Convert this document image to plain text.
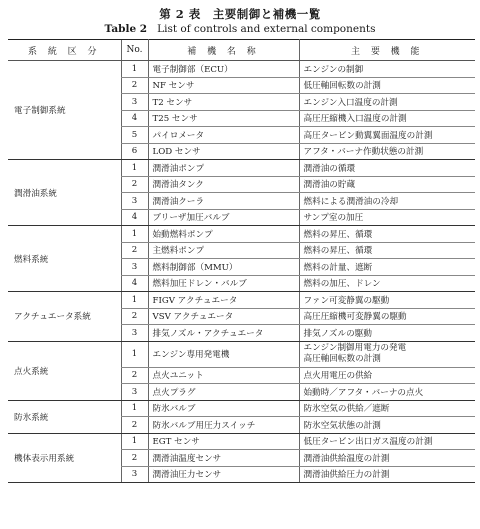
第 2 表　主要制御と補機一覧
Table 2 List of controls and external components
系 統 区 分	No.	補 機 名 称	主 要 機 能
電子制御系統	1	電子制御部（ECU）	エンジンの制御
	2	NF センサ	低圧軸回転数の計測
	3	T2 センサ	エンジン入口温度の計測
	4	T25 センサ	高圧圧縮機入口温度の計測
	5	パイロメータ	高圧タービン動翼翼面温度の計測
	6	LOD センサ	アフタ・バーナ作動状態の計測
潤滑油系統	1	潤滑油ポンプ	潤滑油の循環
	2	潤滑油タンク	潤滑油の貯蔵
	3	潤滑油クーラ	燃料による潤滑油の冷却
	4	ブリーザ加圧バルブ	サンプ室の加圧
燃料系統	1	始動燃料ポンプ	燃料の昇圧、循環
	2	主燃料ポンプ	燃料の昇圧、循環
	3	燃料制御部（MMU）	燃料の計量、遮断
	4	燃料加圧ドレン・バルブ	燃料の加圧、ドレン
アクチュエータ系統	1	FIGV アクチュエータ	ファン可変静翼の駆動
	2	VSV アクチュエータ	高圧圧縮機可変静翼の駆動
	3	排気ノズル・アクチュエータ	排気ノズルの駆動
点火系統	1	エンジン専用発電機	エンジン制御用電力の発電
高圧軸回転数の計測

	2	点火ユニット	点火用電圧の供給
	3	点火プラグ	始動時／アフタ・バーナの点火
防氷系統	1	防氷バルブ	防氷空気の供給／遮断
	2	防氷バルブ用圧力スイッチ	防氷空気状態の計測
機体表示用系統	1	EGT センサ	低圧タービン出口ガス温度の計測
	2	潤滑油温度センサ	潤滑油供給温度の計測
	3	潤滑油圧力センサ	潤滑油供給圧力の計測
